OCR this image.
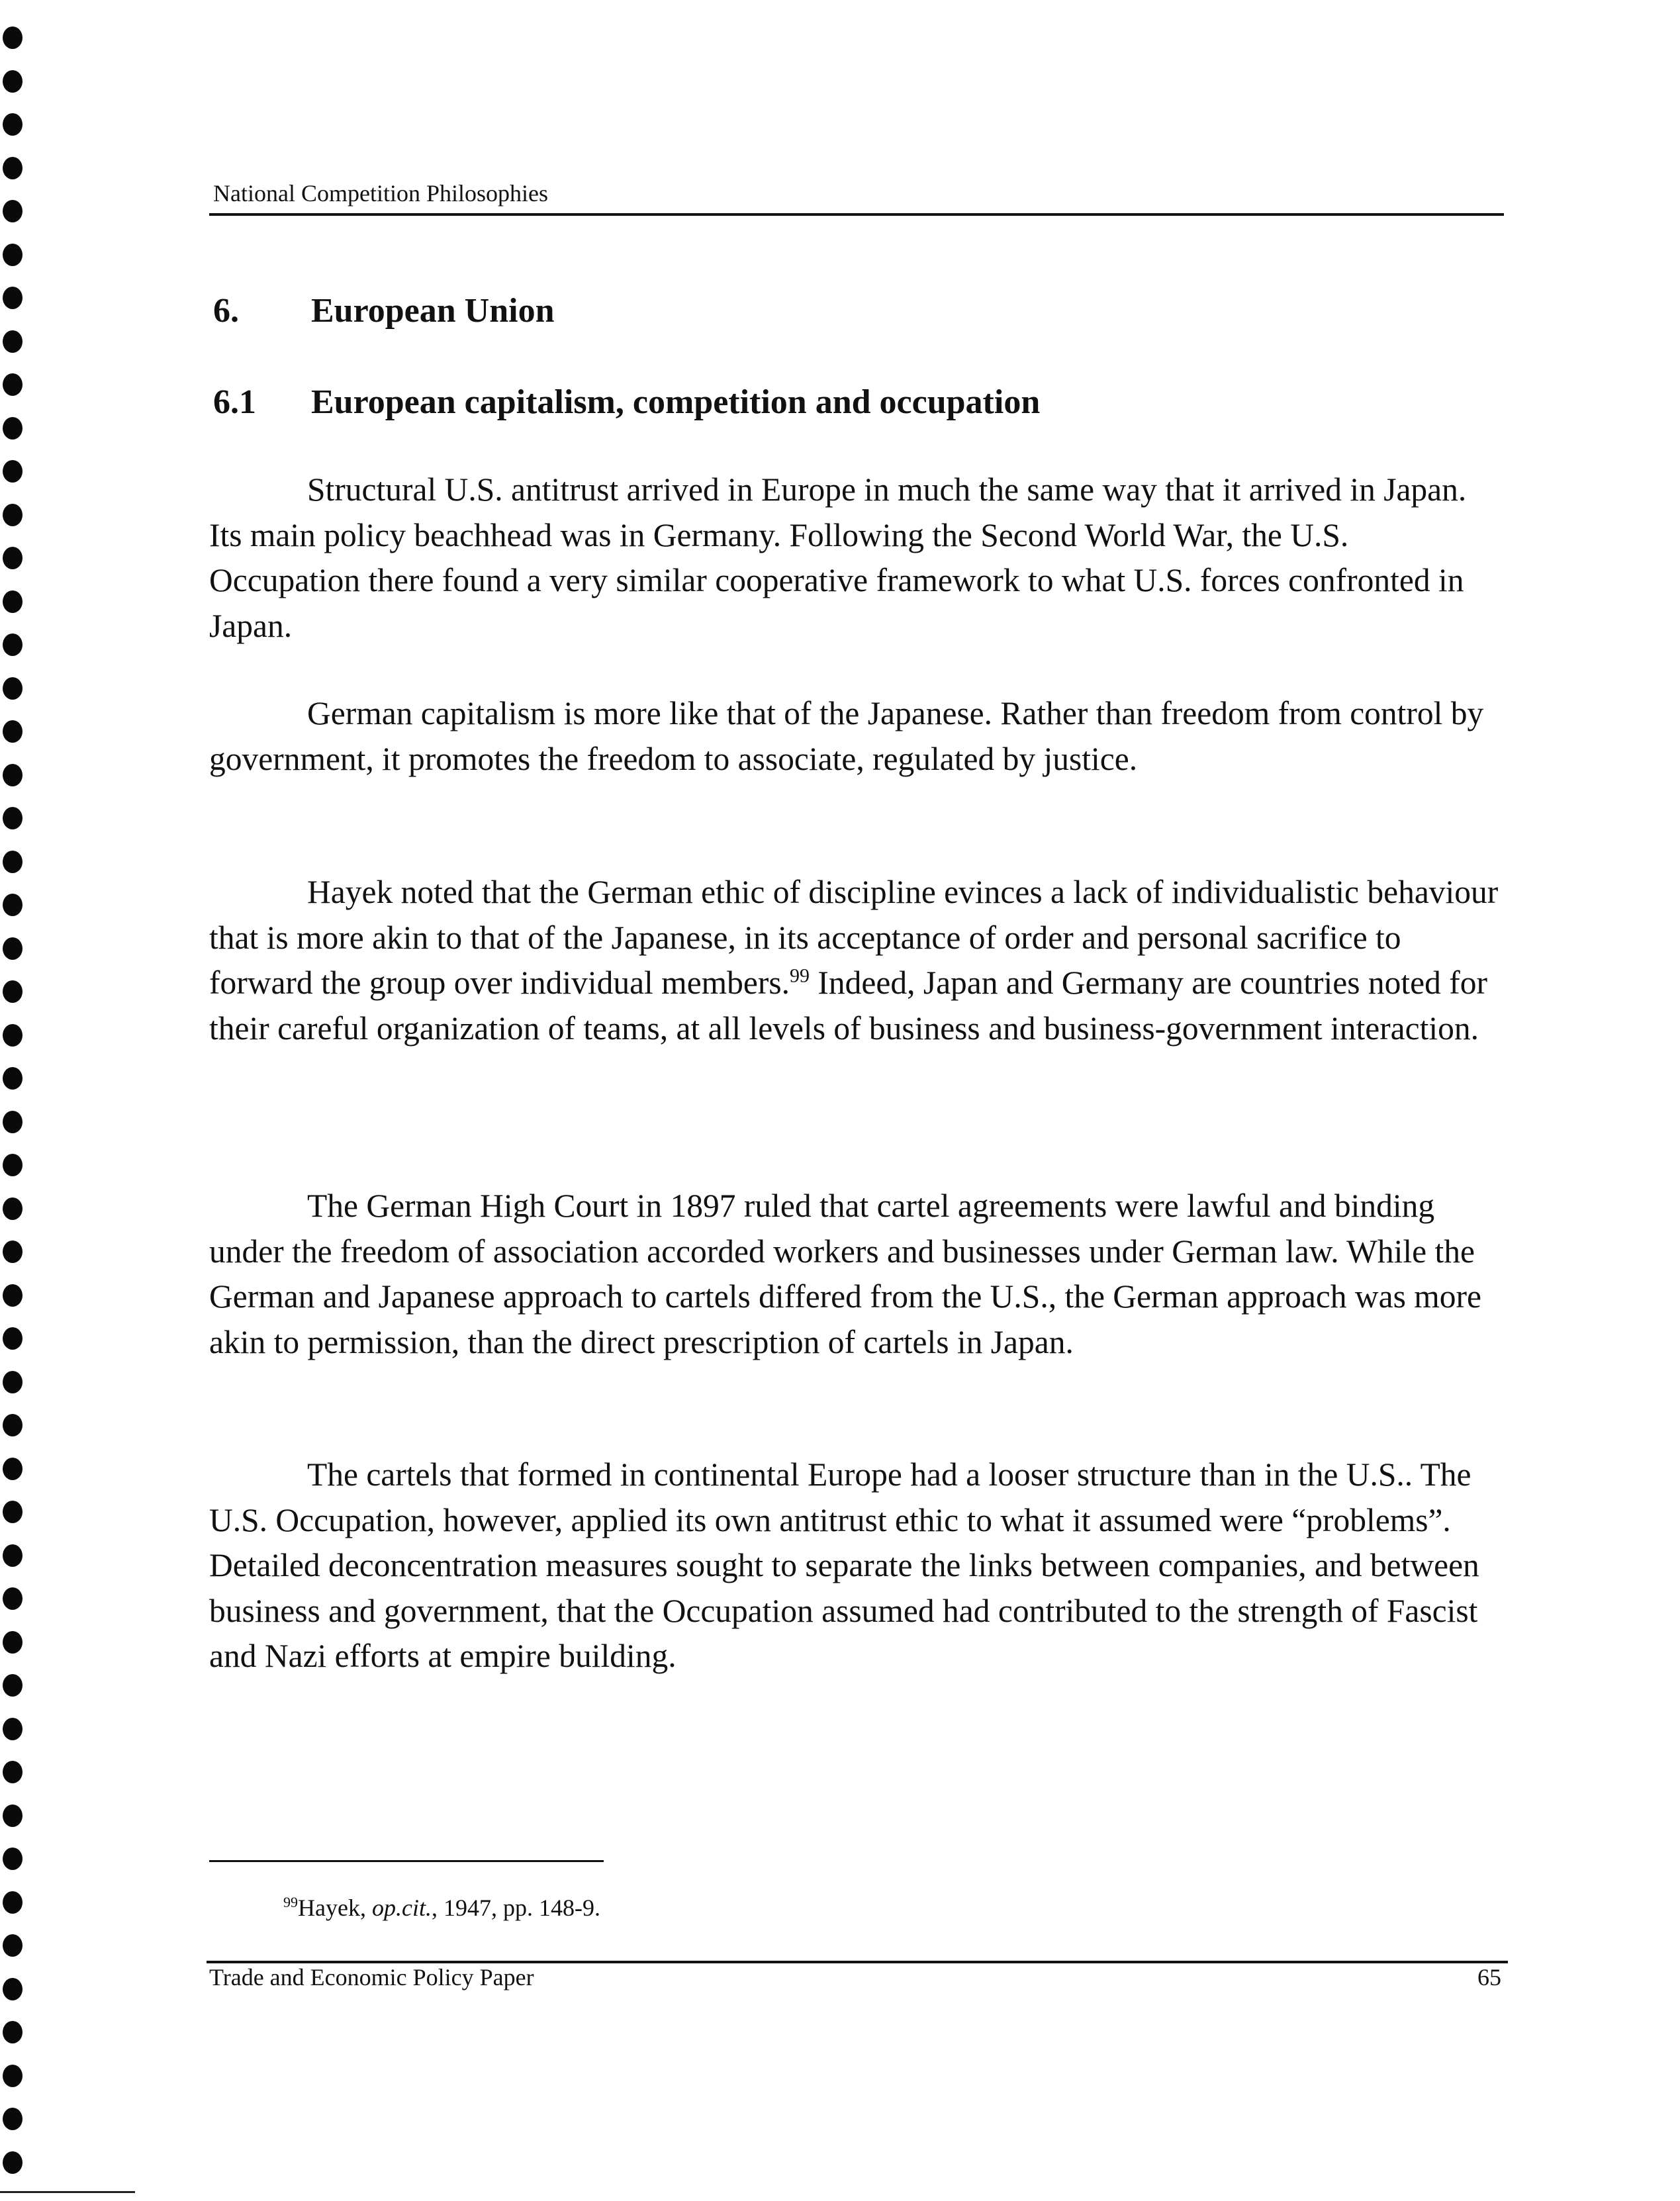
National Competition Philosophies
6. European Union
6.1 European capitalism, competition and occupation

Structural U.S. antitrust arrived in Europe in much the same way that it arrived in Japan. Its main policy beachhead was in Germany. Following the Second World War, the U.S. Occupation there found a very similar cooperative framework to what U.S. forces confronted in Japan.

German capitalism is more like that of the Japanese. Rather than freedom from control by government, it promotes the freedom to associate, regulated by justice.

Hayek noted that the German ethic of discipline evinces a lack of individualistic behaviour that is more akin to that of the Japanese, in its acceptance of order and personal sacrifice to forward the group over individual members.$^{99}$ Indeed, Japan and Germany are countries noted for their careful organization of teams, at all levels of business and business-government interaction.

The German High Court in 1897 ruled that cartel agreements were lawful and binding under the freedom of association accorded workers and businesses under German law. While the German and Japanese approach to cartels differed from the U.S., the German approach was more akin to permission, than the direct prescription of cartels in Japan.

The cartels that formed in continental Europe had a looser structure than in the U.S.. The U.S. Occupation, however, applied its own antitrust ethic to what it assumed were “problems”. Detailed deconcentration measures sought to separate the links between companies, and between business and government, that the Occupation assumed had contributed to the strength of Fascist and Nazi efforts at empire building.

$^{99}$Hayek, op.cit., 1947, pp. 148-9.
Trade and Economic Policy Paper	65
